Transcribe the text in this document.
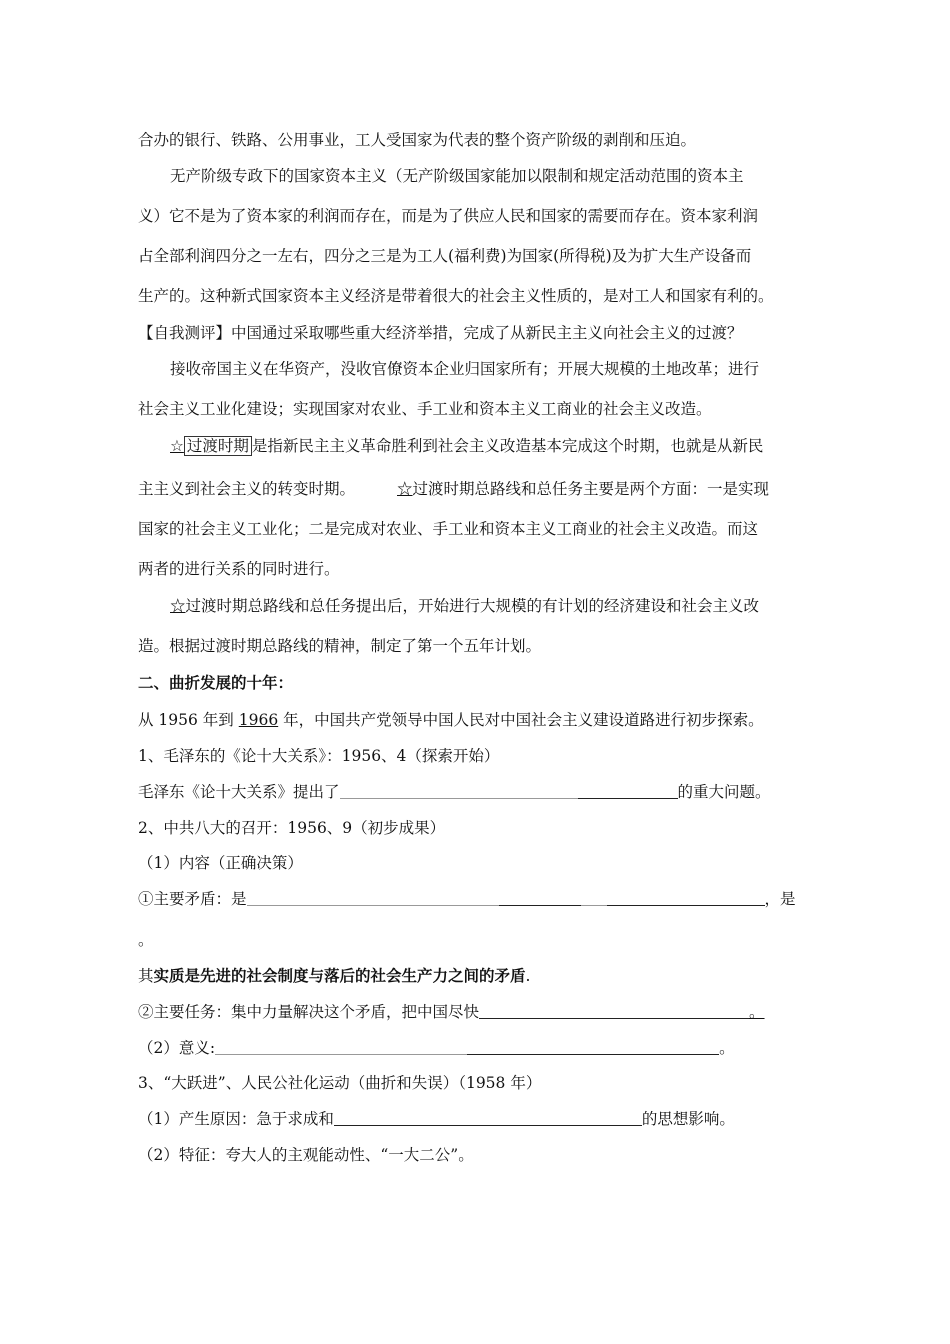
合办的银行、铁路、公用事业，工人受国家为代表的整个资产阶级的剥削和压迫。
无产阶级专政下的国家资本主义（无产阶级国家能加以限制和规定活动范围的资本主
义）它不是为了资本家的利润而存在，而是为了供应人民和国家的需要而存在。资本家利润
占全部利润四分之一左右，四分之三是为工人(福利费)为国家(所得税)及为扩大生产设备而
生产的。这种新式国家资本主义经济是带着很大的社会主义性质的，是对工人和国家有利的。
【自我测评】中国通过采取哪些重大经济举措，完成了从新民主主义向社会主义的过渡？
接收帝国主义在华资产，没收官僚资本企业归国家所有；开展大规模的土地改革；进行
社会主义工业化建设；实现国家对农业、手工业和资本主义工商业的社会主义改造。
☆ 过渡时期 是指新民主主义革命胜利到社会主义改造基本完成这个时期，也就是从新民
主主义到社会主义的转变时期。	☆过渡时期总路线和总任务主要是两个方面：一是实现
国家的社会主义工业化；二是完成对农业、手工业和资本主义工商业的社会主义改造。而这
两者的进行关系的同时进行。
☆过渡时期总路线和总任务提出后，开始进行大规模的有计划的经济建设和社会主义改
造。根据过渡时期总路线的精神，制定了第一个五年计划。
二、曲折发展的十年：
从 1956 年到 1966 年，中国共产党领导中国人民对中国社会主义建设道路进行初步探索。
1、毛泽东的《论十大关系》：1956、4（探索开始）
毛泽东《论十大关系》提出了	的重大问题。
2、中共八大的召开：1956、9（初步成果）
（1）内容（正确决策）
①主要矛盾：是	，是
。
其实质是先进的社会制度与落后的社会生产力之间的矛盾.
②主要任务：集中力量解决这个矛盾，把中国尽快	。
（2）意义:	。
3、“大跃进”、人民公社化运动（曲折和失误）（1958 年）
（1）产生原因：急于求成和	的思想影响。
（2）特征：夸大人的主观能动性、“一大二公”。
